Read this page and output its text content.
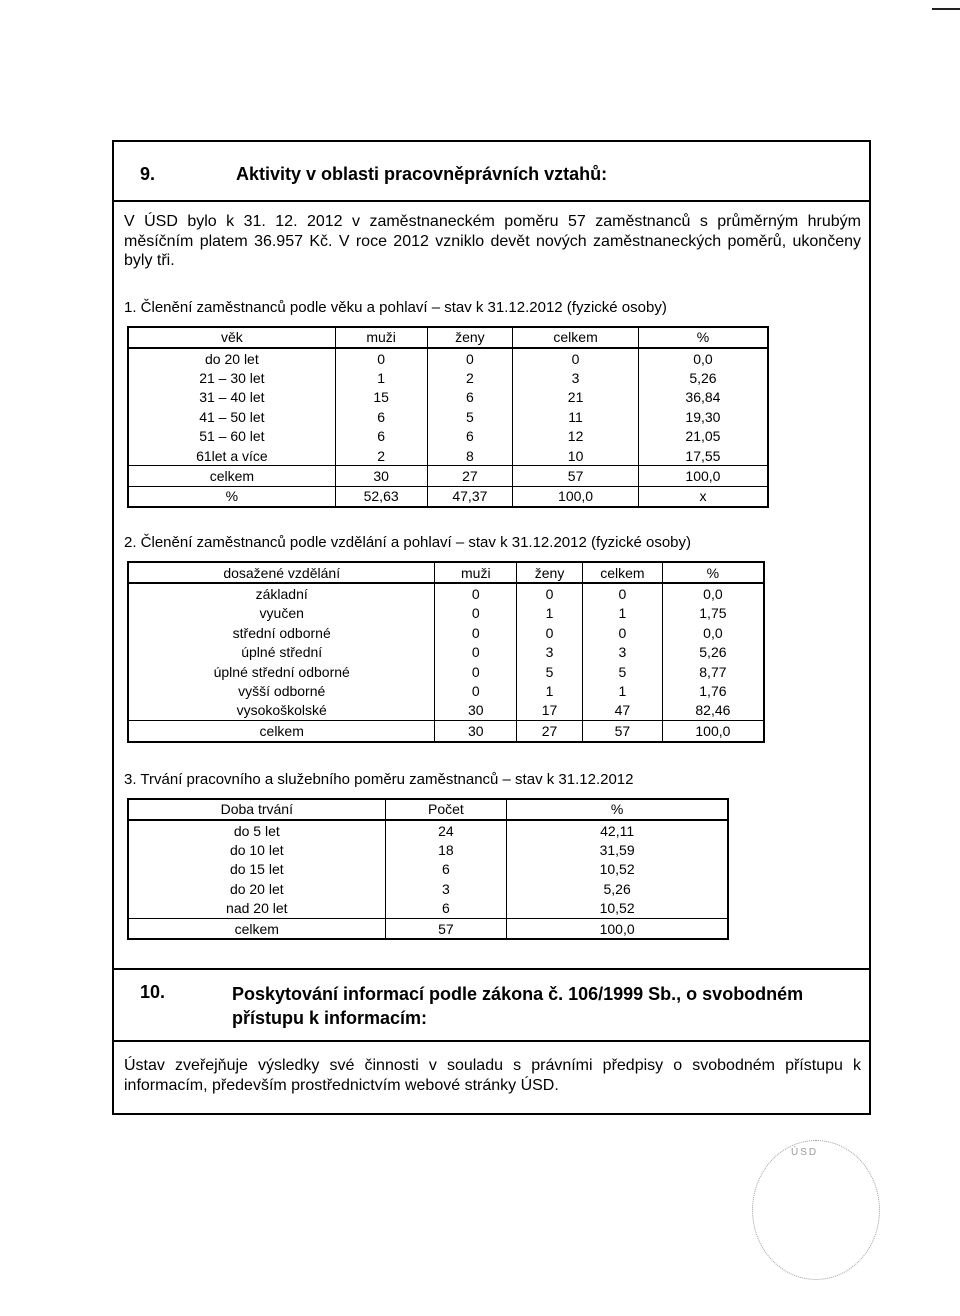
9.	Aktivity v oblasti pracovněprávních vztahů:

V ÚSD bylo k 31. 12. 2012 v zaměstnaneckém poměru 57 zaměstnanců s průměrným hrubým měsíčním platem 36.957 Kč. V roce 2012 vzniklo devět nových zaměstnaneckých poměrů, ukončeny byly tři.

1. Členění zaměstnanců podle věku a pohlaví – stav k 31.12.2012 (fyzické osoby)

věk	muži	ženy	celkem	%
do 20 let	0	0	0	0,0
21 – 30 let	1	2	3	5,26
31 – 40 let	15	6	21	36,84
41 – 50 let	6	5	11	19,30
51 – 60 let	6	6	12	21,05
61let a více	2	8	10	17,55
celkem	30	27	57	100,0
%	52,63	47,37	100,0	x

2. Členění zaměstnanců podle vzdělání a pohlaví – stav k 31.12.2012 (fyzické osoby)

dosažené vzdělání	muži	ženy	celkem	%
základní	0	0	0	0,0
vyučen	0	1	1	1,75
střední odborné	0	0	0	0,0
úplné střední	0	3	3	5,26
úplné střední odborné	0	5	5	8,77
vyšší odborné	0	1	1	1,76
vysokoškolské	30	17	47	82,46
celkem	30	27	57	100,0

3. Trvání pracovního a služebního poměru zaměstnanců – stav k 31.12.2012

Doba trvání	Počet	%
do 5 let	24	42,11
do 10 let	18	31,59
do 15 let	6	10,52
do 20 let	3	5,26
nad 20 let	6	10,52
celkem	57	100,0
10.	Poskytování informací podle zákona č. 106/1999 Sb., o svobodném přístupu k informacím:

Ústav zveřejňuje výsledky své činnosti v souladu s právními předpisy o svobodném přístupu k informacím, především prostřednictvím webové stránky ÚSD.

ÚSD
